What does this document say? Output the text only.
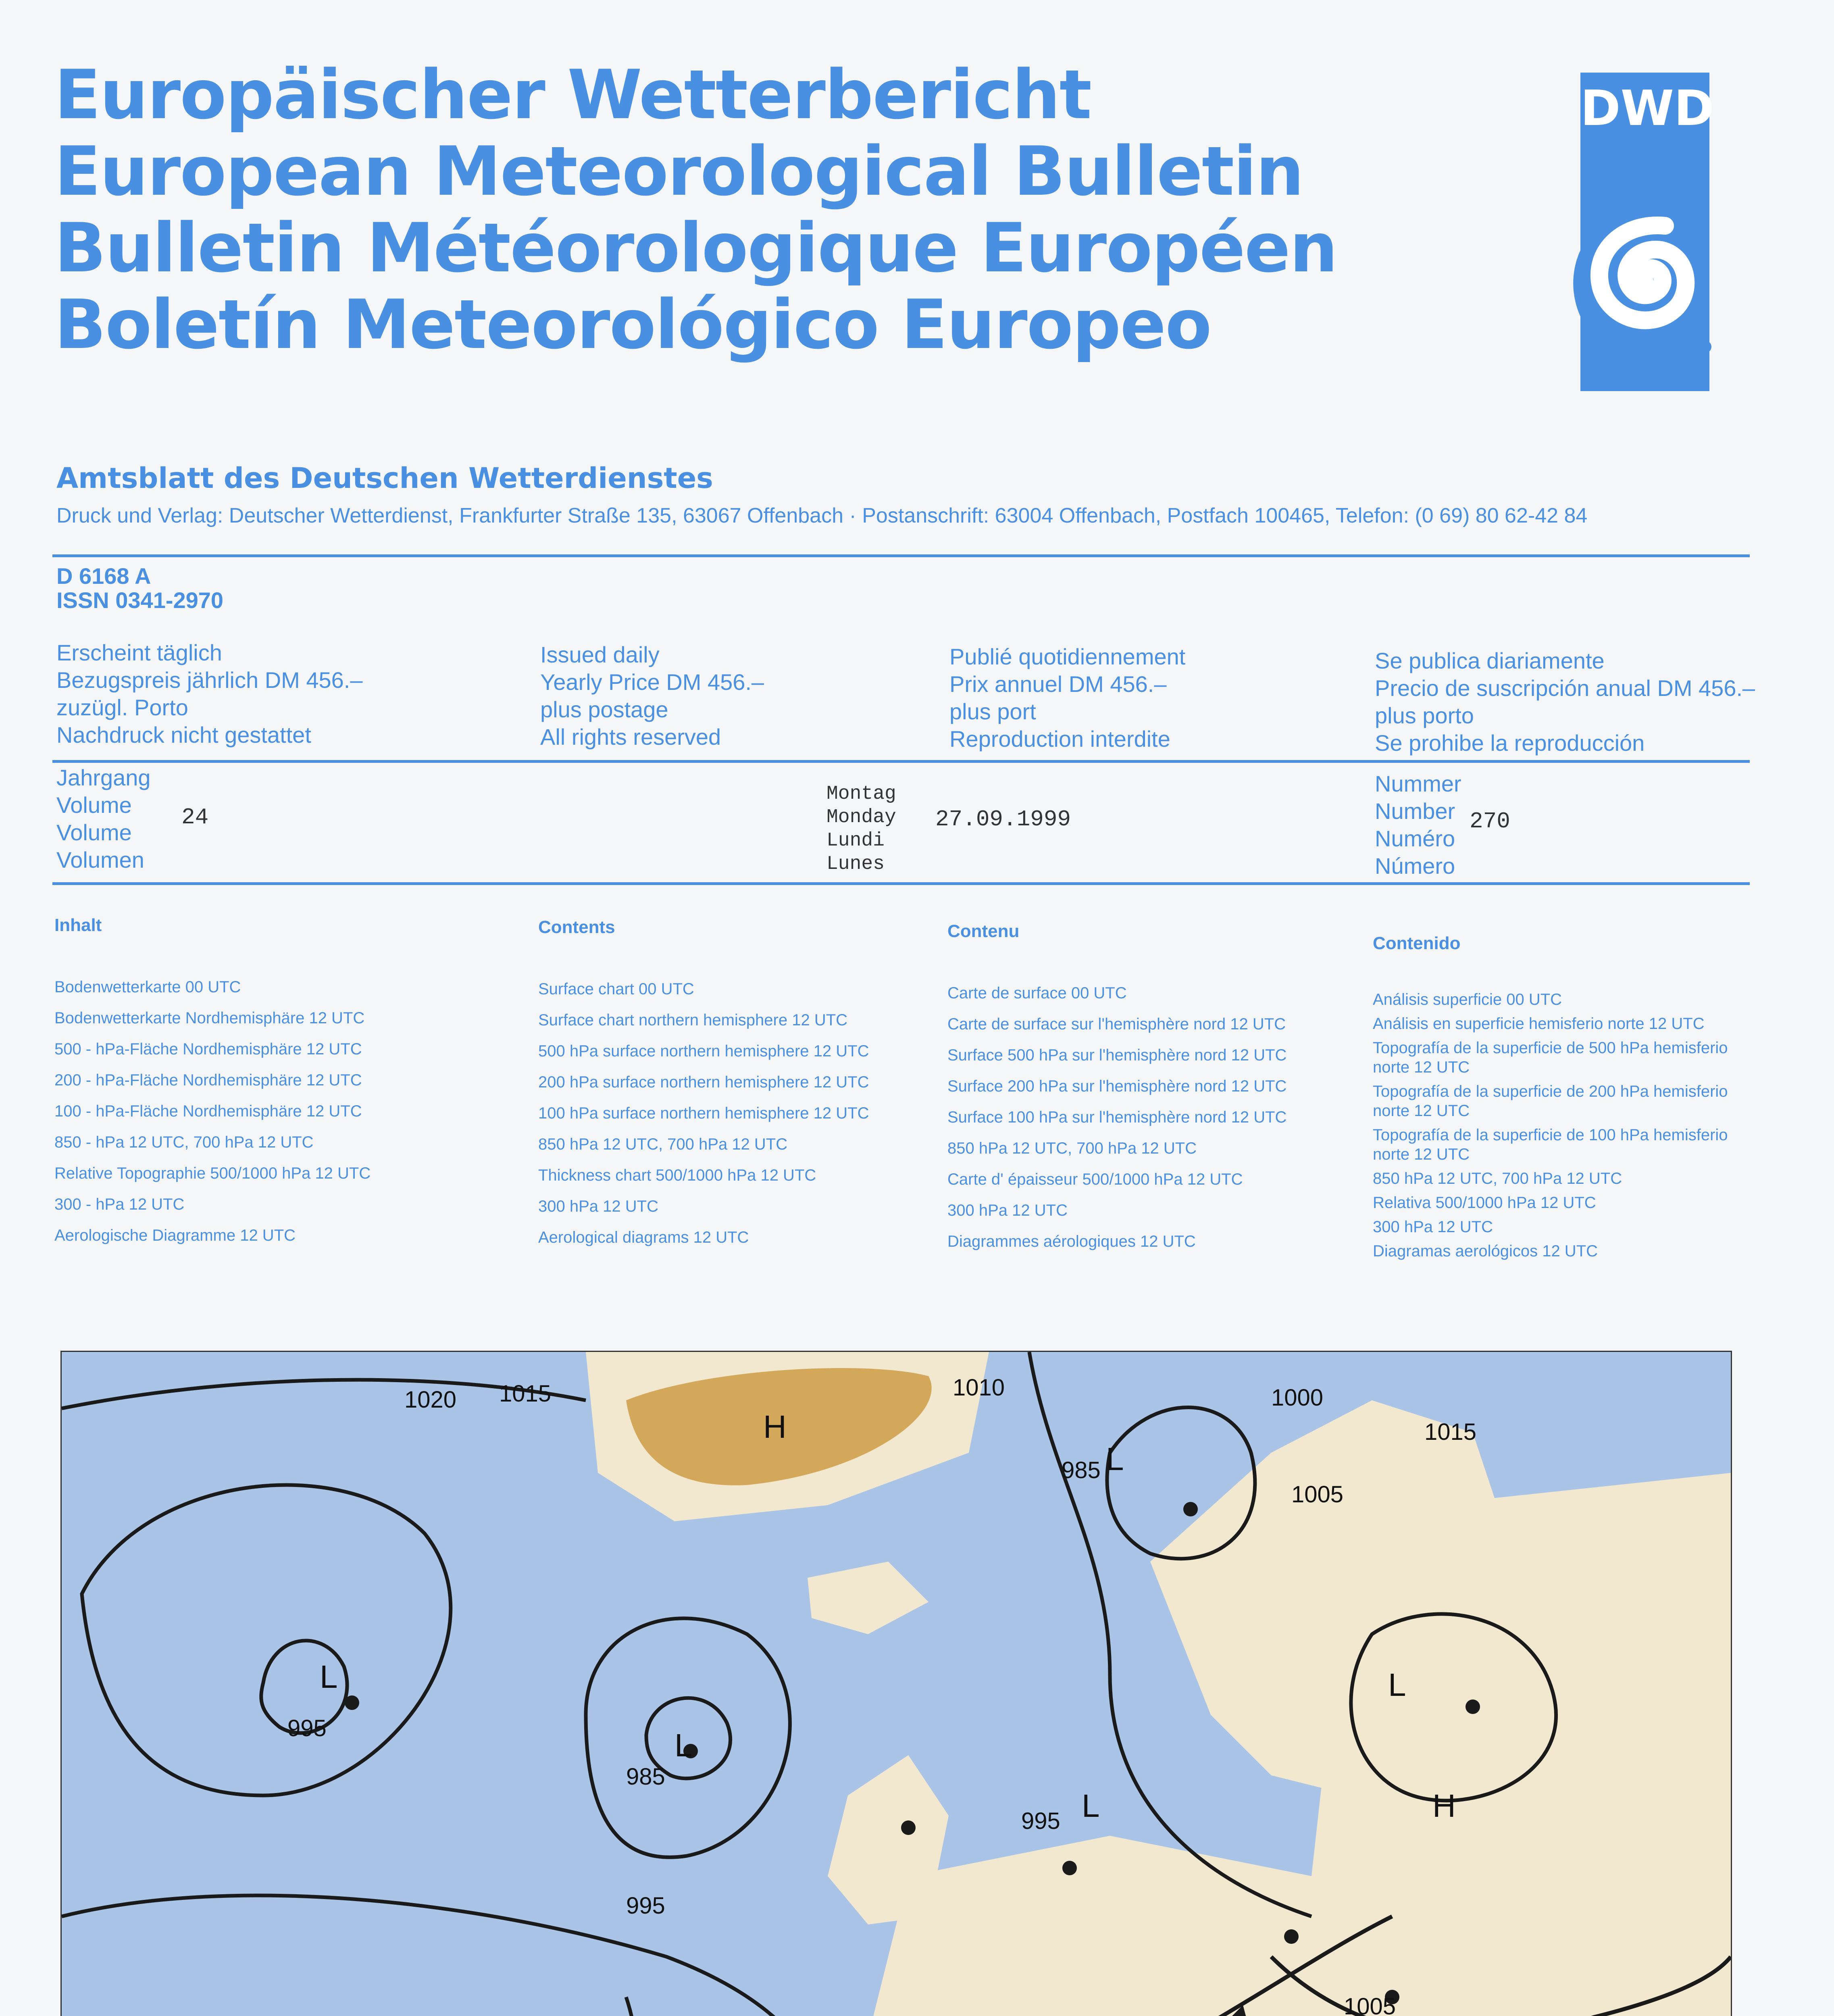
Europäischer Wetterbericht
European Meteorological Bulletin
Bulletin Météorologique Européen
Boletín Meteorológico Europeo
DWD
Amtsblatt des Deutschen Wetterdienstes
Druck und Verlag: Deutscher Wetterdienst, Frankfurter Straße 135, 63067 Offenbach · Postanschrift: 63004 Offenbach, Postfach 100465, Telefon: (0 69) 80 62-42 84
D 6168 A
ISSN 0341-2970
Erscheint täglich
Bezugspreis jährlich DM 456.–
zuzügl. Porto
Nachdruck nicht gestattet
Issued daily
Yearly Price DM 456.–
plus postage
All rights reserved
Publié quotidiennement
Prix annuel DM 456.–
plus port
Reproduction interdite
Se publica diariamente
Precio de suscripción anual DM 456.–
plus porto
Se prohibe la reproducción
Jahrgang
Volume
Volume
Volumen
24
Montag
Monday
Lundi
Lunes
27.09.1999
Nummer
Number
Numéro
Número
270
Inhalt
Bodenwetterkarte 00 UTC
Bodenwetterkarte Nordhemisphäre 12 UTC
500 - hPa-Fläche Nordhemisphäre 12 UTC
200 - hPa-Fläche Nordhemisphäre 12 UTC
100 - hPa-Fläche Nordhemisphäre 12 UTC
850 - hPa 12 UTC, 700 hPa 12 UTC
Relative Topographie 500/1000 hPa 12 UTC
300 - hPa 12 UTC
Aerologische Diagramme 12 UTC
Contents
Surface chart 00 UTC
Surface chart northern hemisphere 12 UTC
500 hPa surface northern hemisphere 12 UTC
200 hPa surface northern hemisphere 12 UTC
100 hPa surface northern hemisphere 12 UTC
850 hPa 12 UTC, 700 hPa 12 UTC
Thickness chart 500/1000 hPa 12 UTC
300 hPa 12 UTC
Aerological diagrams 12 UTC
Contenu
Carte de surface 00 UTC
Carte de surface sur l'hemisphère nord 12 UTC
Surface 500 hPa sur l'hemisphère nord 12 UTC
Surface 200 hPa sur l'hemisphère nord 12 UTC
Surface 100 hPa sur l'hemisphère nord 12 UTC
850 hPa 12 UTC, 700 hPa 12 UTC
Carte d' épaisseur 500/1000 hPa 12 UTC
300 hPa 12 UTC
Diagrammes aérologiques 12 UTC
Contenido
Análisis superficie 00 UTC
Análisis en superficie hemisferio norte 12 UTC
Topografía de la superficie de 500 hPa hemisferio norte 12 UTC
Topografía de la superficie de 200 hPa hemisferio norte 12 UTC
Topografía de la superficie de 100 hPa hemisferio norte 12 UTC
850 hPa 12 UTC, 700 hPa 12 UTC
Relativa 500/1000 hPa 12 UTC
300 hPa 12 UTC
Diagramas aerológicos 12 UTC
1020 1015	1010	1000
985
995
1005
995
985
1005
995
1015
H
L
L
L
L
H
L
